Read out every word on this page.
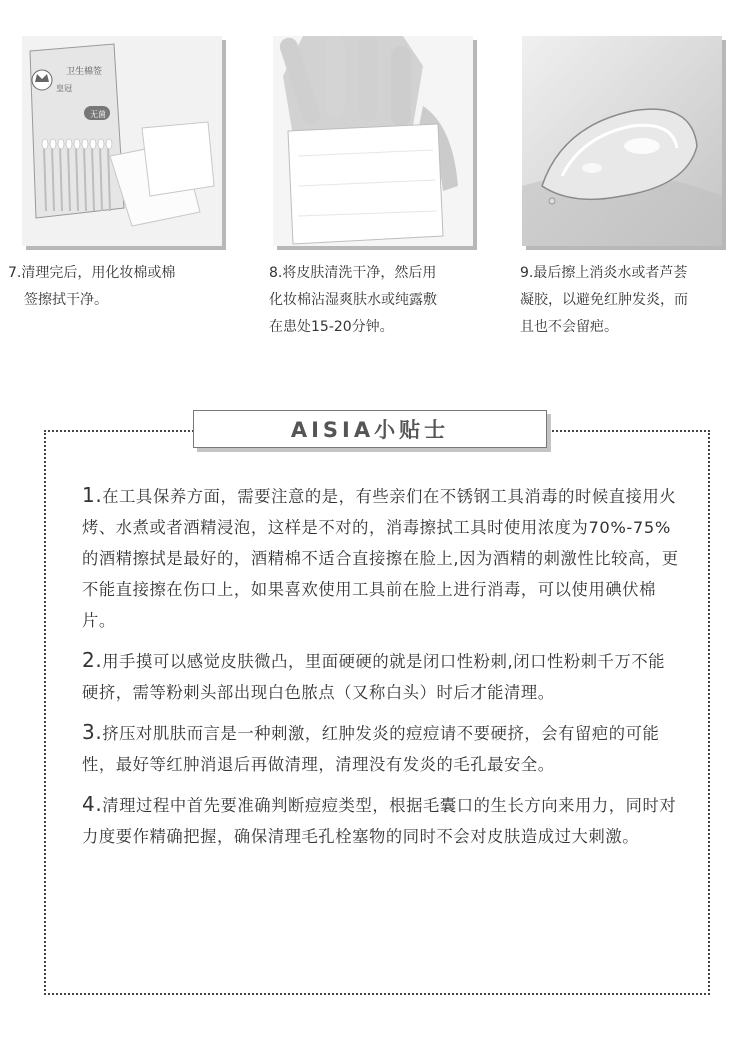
卫生棉签
皇冠
无菌

7.清理完后，用化妆棉或棉
签擦拭干净。

8.将皮肤清洗干净，然后用
化妆棉沾湿爽肤水或纯露敷
在患处15-20分钟。

9.最后擦上消炎水或者芦荟
凝胶，以避免红肿发炎，而
且也不会留疤。

AISIA小贴士

1.在工具保养方面，需要注意的是，有些亲们在不锈钢工具消毒的时候直接用火烤、水煮或者酒精浸泡，这样是不对的，消毒擦拭工具时使用浓度为70%-75%的酒精擦拭是最好的，酒精棉不适合直接擦在脸上,因为酒精的刺激性比较高，更不能直接擦在伤口上，如果喜欢使用工具前在脸上进行消毒，可以使用碘伏棉片。

2.用手摸可以感觉皮肤微凸，里面硬硬的就是闭口性粉刺,闭口性粉刺千万不能硬挤，需等粉刺头部出现白色脓点（又称白头）时后才能清理。

3.挤压对肌肤而言是一种刺激，红肿发炎的痘痘请不要硬挤，会有留疤的可能性，最好等红肿消退后再做清理，清理没有发炎的毛孔最安全。

4.清理过程中首先要准确判断痘痘类型，根据毛囊口的生长方向来用力，同时对力度要作精确把握，确保清理毛孔栓塞物的同时不会对皮肤造成过大刺激。
